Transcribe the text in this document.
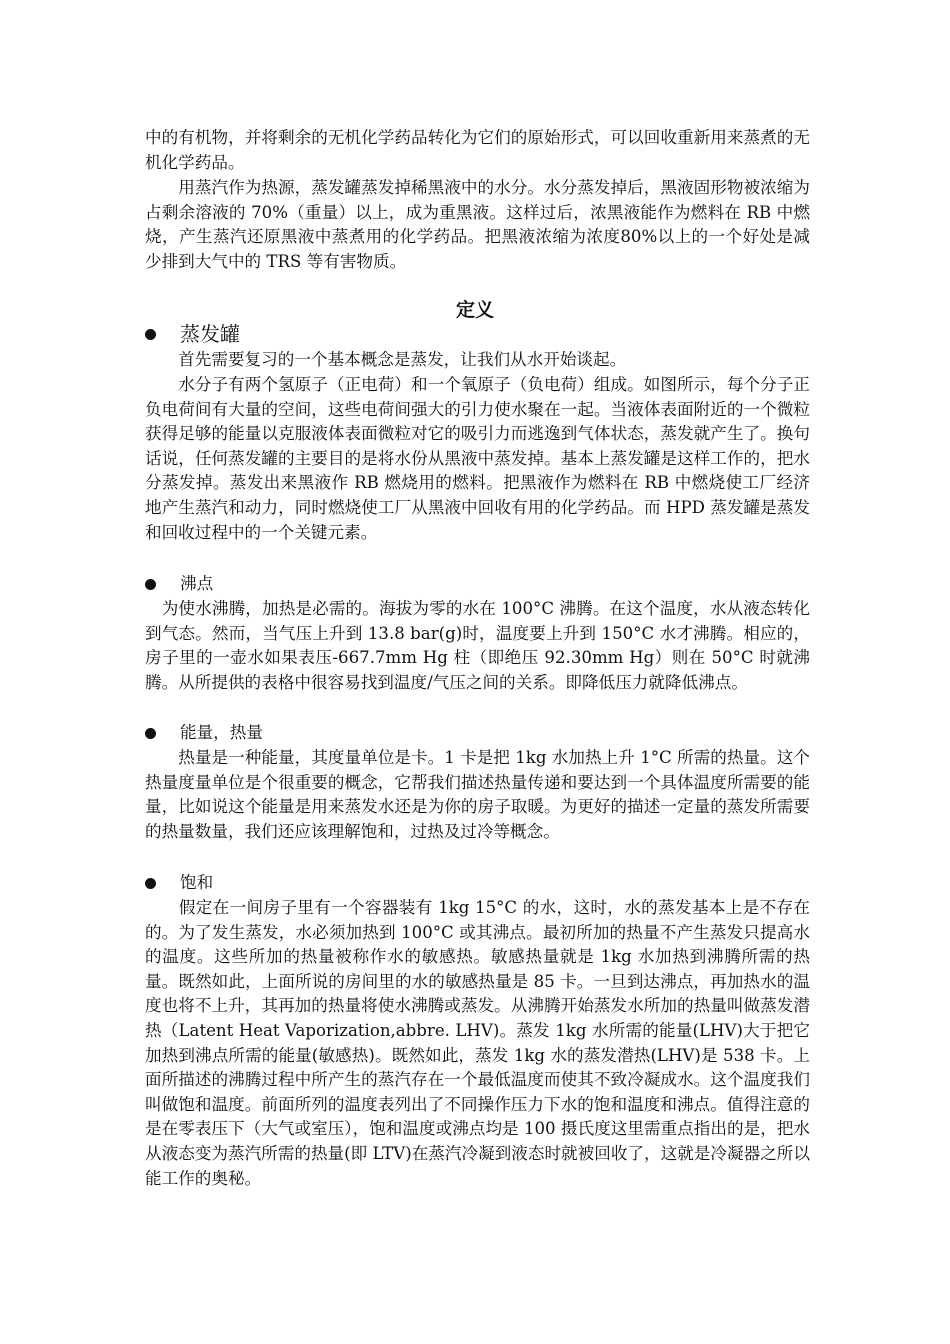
中的有机物，并将剩余的无机化学药品转化为它们的原始形式，可以回收重新用来蒸煮的无机化学药品。

　　用蒸汽作为热源，蒸发罐蒸发掉稀黑液中的水分。水分蒸发掉后，黑液固形物被浓缩为占剩余溶液的 70%（重量）以上，成为重黑液。这样过后，浓黑液能作为燃料在 RB 中燃烧，产生蒸汽还原黑液中蒸煮用的化学药品。把黑液浓缩为浓度80%以上的一个好处是减少排到大气中的 TRS 等有害物质。

定义
蒸发罐

　　首先需要复习的一个基本概念是蒸发，让我们从水开始谈起。

　　水分子有两个氢原子（正电荷）和一个氧原子（负电荷）组成。如图所示，每个分子正负电荷间有大量的空间，这些电荷间强大的引力使水聚在一起。当液体表面附近的一个微粒获得足够的能量以克服液体表面微粒对它的吸引力而逃逸到气体状态，蒸发就产生了。换句话说，任何蒸发罐的主要目的是将水份从黑液中蒸发掉。基本上蒸发罐是这样工作的，把水分蒸发掉。蒸发出来黑液作 RB 燃烧用的燃料。把黑液作为燃料在 RB 中燃烧使工厂经济地产生蒸汽和动力，同时燃烧使工厂从黑液中回收有用的化学药品。而 HPD 蒸发罐是蒸发和回收过程中的一个关键元素。

沸点

　为使水沸腾，加热是必需的。海拔为零的水在 100°C 沸腾。在这个温度，水从液态转化到气态。然而，当气压上升到 13.8 bar(g)时，温度要上升到 150°C 水才沸腾。相应的，房子里的一壶水如果表压-667.7mm Hg 柱（即绝压 92.30mm Hg）则在 50°C 时就沸腾。从所提供的表格中很容易找到温度/气压之间的关系。即降低压力就降低沸点。

能量，热量

　　热量是一种能量，其度量单位是卡。1 卡是把 1kg 水加热上升 1°C 所需的热量。这个热量度量单位是个很重要的概念，它帮我们描述热量传递和要达到一个具体温度所需要的能量，比如说这个能量是用来蒸发水还是为你的房子取暖。为更好的描述一定量的蒸发所需要的热量数量，我们还应该理解饱和，过热及过冷等概念。

饱和

　　假定在一间房子里有一个容器装有 1kg 15°C 的水，这时，水的蒸发基本上是不存在的。为了发生蒸发，水必须加热到 100°C 或其沸点。最初所加的热量不产生蒸发只提高水的温度。这些所加的热量被称作水的敏感热。敏感热量就是 1kg 水加热到沸腾所需的热量。既然如此，上面所说的房间里的水的敏感热量是 85 卡。一旦到达沸点，再加热水的温度也将不上升，其再加的热量将使水沸腾或蒸发。从沸腾开始蒸发水所加的热量叫做蒸发潜热（Latent Heat Vaporization,abbre. LHV)。蒸发 1kg 水所需的能量(LHV)大于把它加热到沸点所需的能量(敏感热)。既然如此，蒸发 1kg 水的蒸发潜热(LHV)是 538 卡。上面所描述的沸腾过程中所产生的蒸汽存在一个最低温度而使其不致冷凝成水。这个温度我们叫做饱和温度。前面所列的温度表列出了不同操作压力下水的饱和温度和沸点。值得注意的是在零表压下（大气或室压），饱和温度或沸点均是 100 摄氏度这里需重点指出的是，把水从液态变为蒸汽所需的热量(即 LTV)在蒸汽冷凝到液态时就被回收了，这就是冷凝器之所以能工作的奥秘。
